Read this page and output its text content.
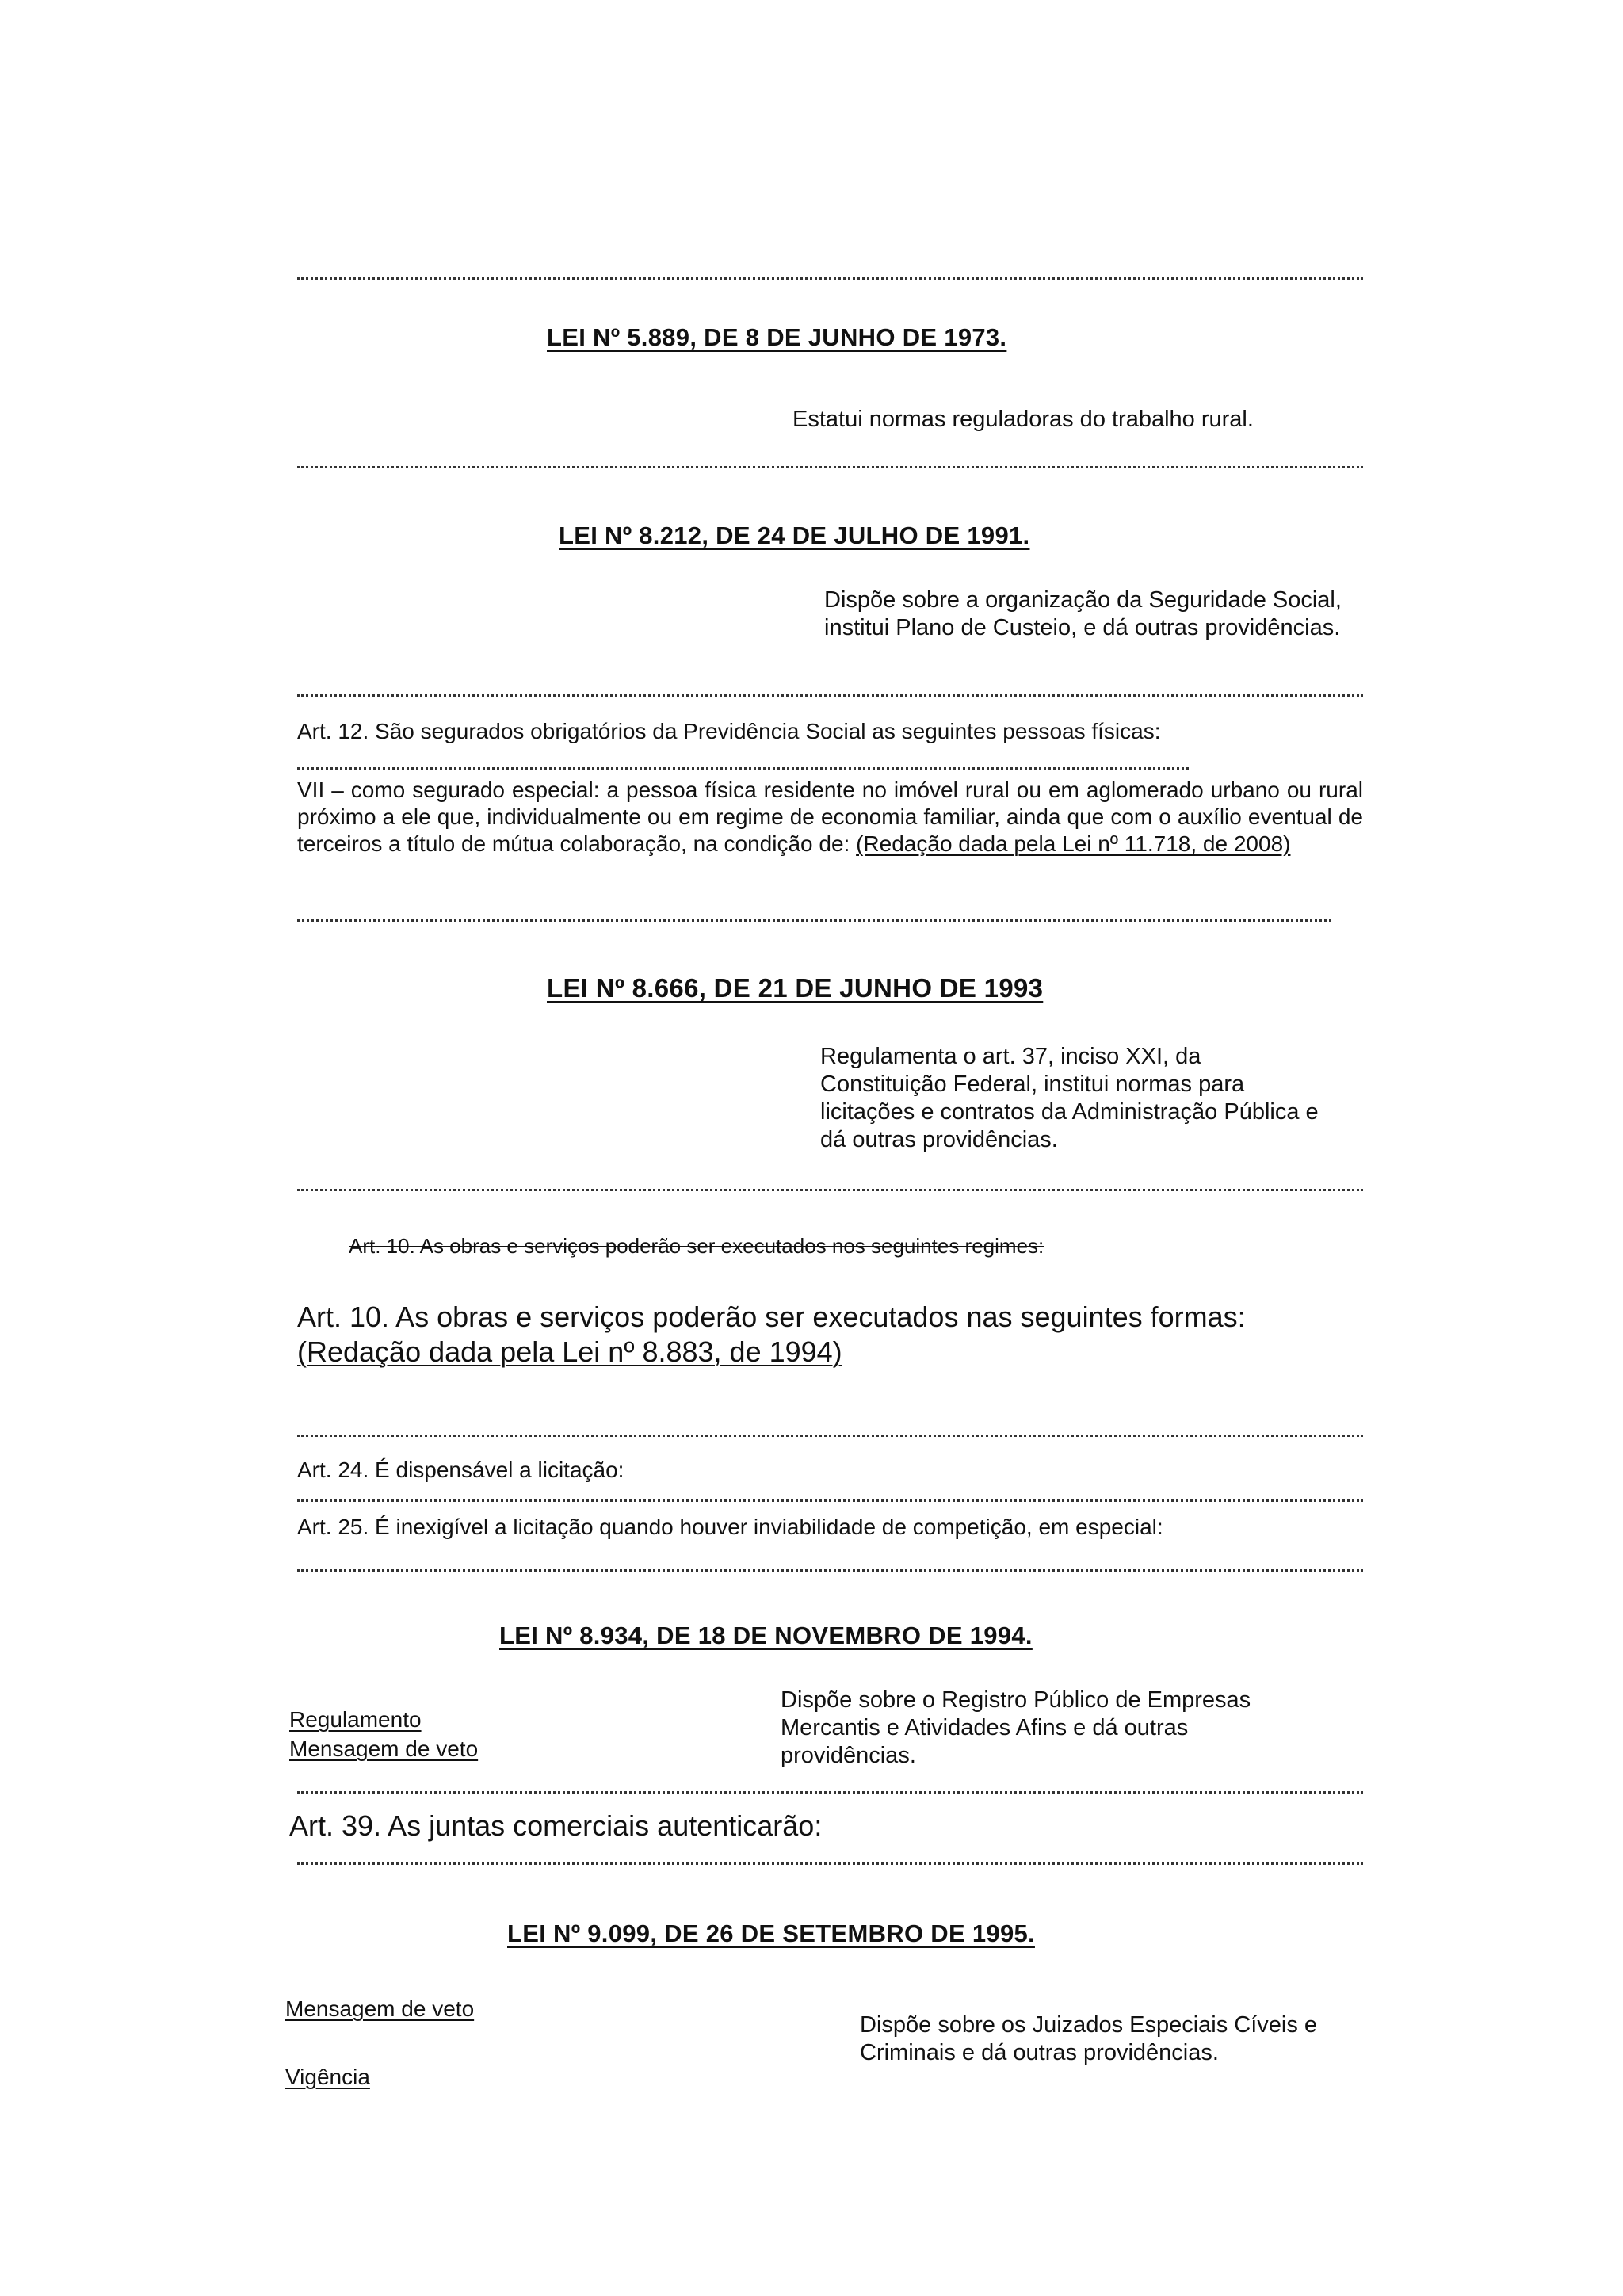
LEI Nº 5.889, DE 8 DE JUNHO DE 1973.
Estatui normas reguladoras do trabalho rural.
LEI Nº 8.212, DE 24 DE JULHO DE 1991.
Dispõe sobre a organização da Seguridade Social, institui Plano de Custeio, e dá outras providências.
Art. 12. São segurados obrigatórios da Previdência Social as seguintes pessoas físicas:
VII – como segurado especial: a pessoa física residente no imóvel rural ou em aglomerado urbano ou rural próximo a ele que, individualmente ou em regime de economia familiar, ainda que com o auxílio eventual de terceiros a título de mútua colaboração, na condição de: (Redação dada pela Lei nº 11.718, de 2008)
LEI Nº 8.666, DE 21 DE JUNHO DE 1993
Regulamenta o art. 37, inciso XXI, da Constituição Federal, institui normas para licitações e contratos da Administração Pública e dá outras providências.
Art. 10. As obras e serviços poderão ser executados nos seguintes regimes:
Art. 10. As obras e serviços poderão ser executados nas seguintes formas: (Redação dada pela Lei nº 8.883, de 1994)
Art. 24. É dispensável a licitação:
Art. 25. É inexigível a licitação quando houver inviabilidade de competição, em especial:
LEI Nº 8.934, DE 18 DE NOVEMBRO DE 1994.
Regulamento
Mensagem de veto
Dispõe sobre o Registro Público de Empresas Mercantis e Atividades Afins e dá outras providências.
Art. 39. As juntas comerciais autenticarão:
LEI Nº 9.099, DE 26 DE SETEMBRO DE 1995.
Mensagem de veto
Vigência
Dispõe sobre os Juizados Especiais Cíveis e Criminais e dá outras providências.
